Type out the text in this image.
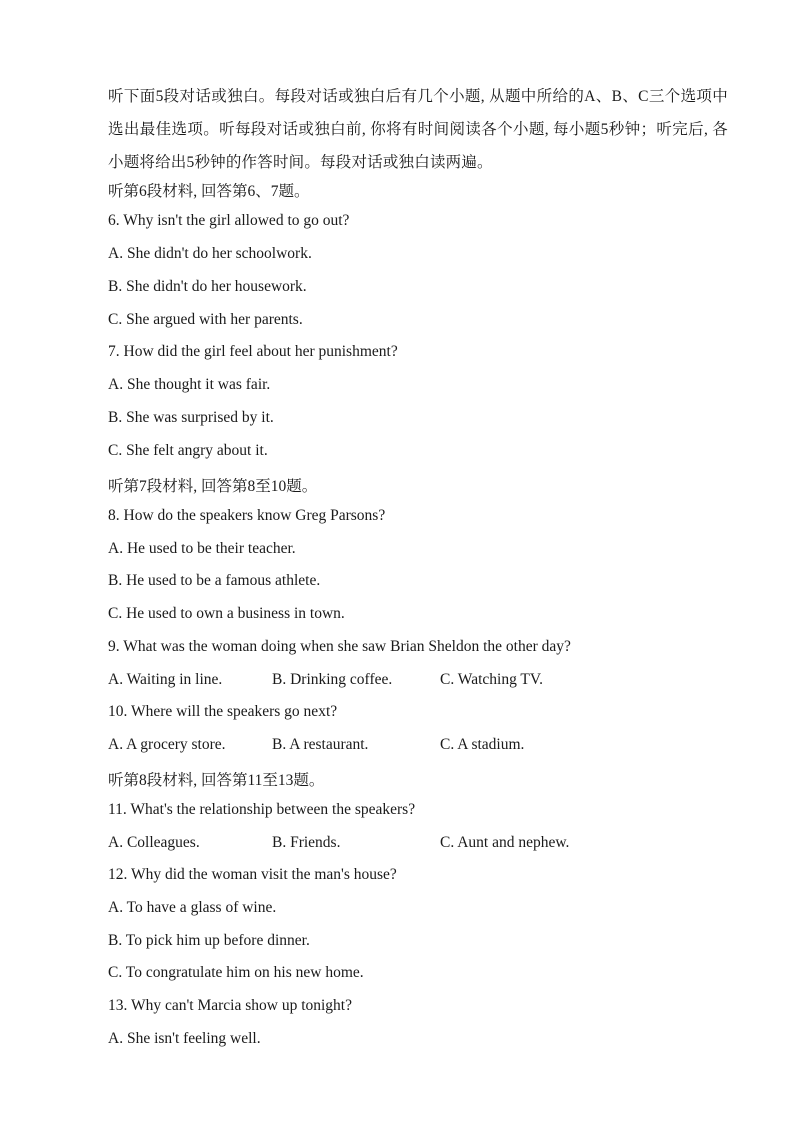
听下面5段对话或独白。每段对话或独白后有几个小题, 从题中所给的A、B、C三个选项中选出最佳选项。听每段对话或独白前, 你将有时间阅读各个小题, 每小题5秒钟；听完后, 各小题将给出5秒钟的作答时间。每段对话或独白读两遍。
听第6段材料, 回答第6、7题。
6. Why isn't the girl allowed to go out?
A. She didn't do her schoolwork.
B. She didn't do her housework.
C. She argued with her parents.
7. How did the girl feel about her punishment?
A. She thought it was fair.
B. She was surprised by it.
C. She felt angry about it.
听第7段材料, 回答第8至10题。
8. How do the speakers know Greg Parsons?
A. He used to be their teacher.
B. He used to be a famous athlete.
C. He used to own a business in town.
9. What was the woman doing when she saw Brian Sheldon the other day?
A. Waiting in line.	B. Drinking coffee.	C. Watching TV.
10. Where will the speakers go next?
A. A grocery store.	B. A restaurant.	C. A stadium.
听第8段材料, 回答第11至13题。
11. What's the relationship between the speakers?
A. Colleagues.	B. Friends.	C. Aunt and nephew.
12. Why did the woman visit the man's house?
A. To have a glass of wine.
B. To pick him up before dinner.
C. To congratulate him on his new home.
13. Why can't Marcia show up tonight?
A. She isn't feeling well.
